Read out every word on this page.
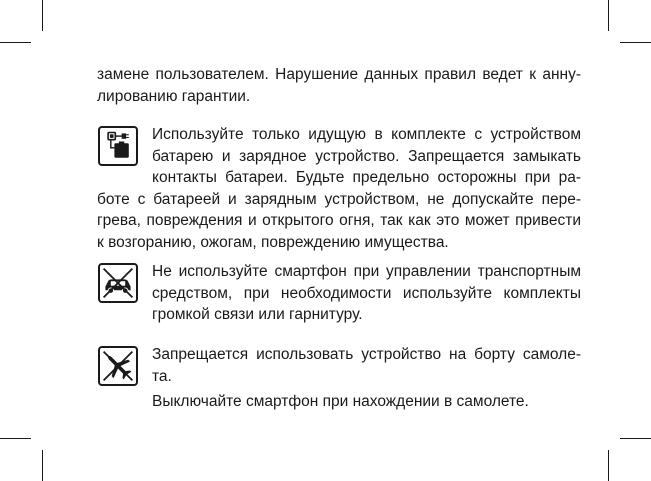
замене пользователем. Нарушение данных правил ведет к анну-
лированию гарантии.

Используйте только идущую в комплекте с устройством
батарею и зарядное устройство. Запрещается замыкать
контакты батареи. Будьте предельно осторожны при ра-
боте с батареей и зарядным устройством, не допускайте пере-
грева, повреждения и открытого огня, так как это может привести
к возгоранию, ожогам, повреждению имущества.

Не используйте смартфон при управлении транспортным
средством, при необходимости используйте комплекты
громкой связи или гарнитуру.

Запрещается использовать устройство на борту самоле-
та.
Выключайте смартфон при нахождении в самолете.
